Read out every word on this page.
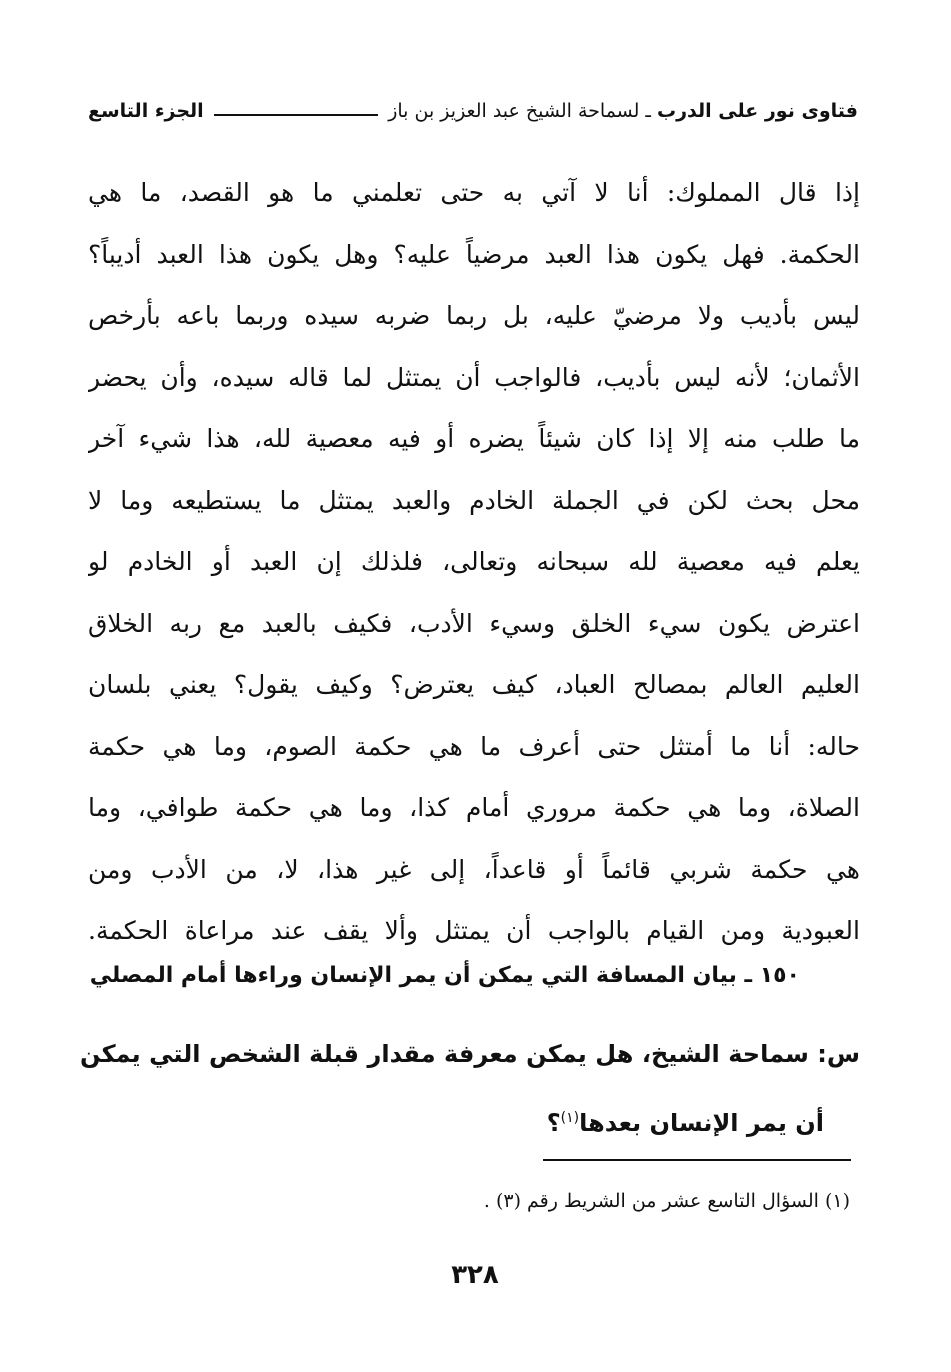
فتاوى نور على الدرب
ـ
لسماحة الشيخ عبد العزيز بن باز
الجزء التاسع
إذا قال المملوك: أنا لا آتي به حتى تعلمني ما هو القصد، ما هي
الحكمة. فهل يكون هذا العبد مرضياً عليه؟ وهل يكون هذا العبد أديباً؟
ليس بأديب ولا مرضيّ عليه، بل ربما ضربه سيده وربما باعه بأرخص
الأثمان؛ لأنه ليس بأديب، فالواجب أن يمتثل لما قاله سيده، وأن يحضر
ما طلب منه إلا إذا كان شيئاً يضره أو فيه معصية لله، هذا شيء آخر
محل بحث لكن في الجملة الخادم والعبد يمتثل ما يستطيعه وما لا
يعلم فيه معصية لله سبحانه وتعالى، فلذلك إن العبد أو الخادم لو
اعترض يكون سيء الخلق وسيء الأدب، فكيف بالعبد مع ربه الخلاق
العليم العالم بمصالح العباد، كيف يعترض؟ وكيف يقول؟ يعني بلسان
حاله: أنا ما أمتثل حتى أعرف ما هي حكمة الصوم، وما هي حكمة
الصلاة، وما هي حكمة مروري أمام كذا، وما هي حكمة طوافي، وما
هي حكمة شربي قائماً أو قاعداً، إلى غير هذا، لا، من الأدب ومن
العبودية ومن القيام بالواجب أن يمتثل وألا يقف عند مراعاة الحكمة.
١٥٠ ـ بيان المسافة التي يمكن أن يمر الإنسان وراءها أمام المصلي
س: سماحة الشيخ، هل يمكن معرفة مقدار قبلة الشخص التي يمكن
أن يمر الإنسان بعدها$^{(١)}$؟
(١) السؤال التاسع عشر من الشريط رقم (٣) .
٣٢٨
